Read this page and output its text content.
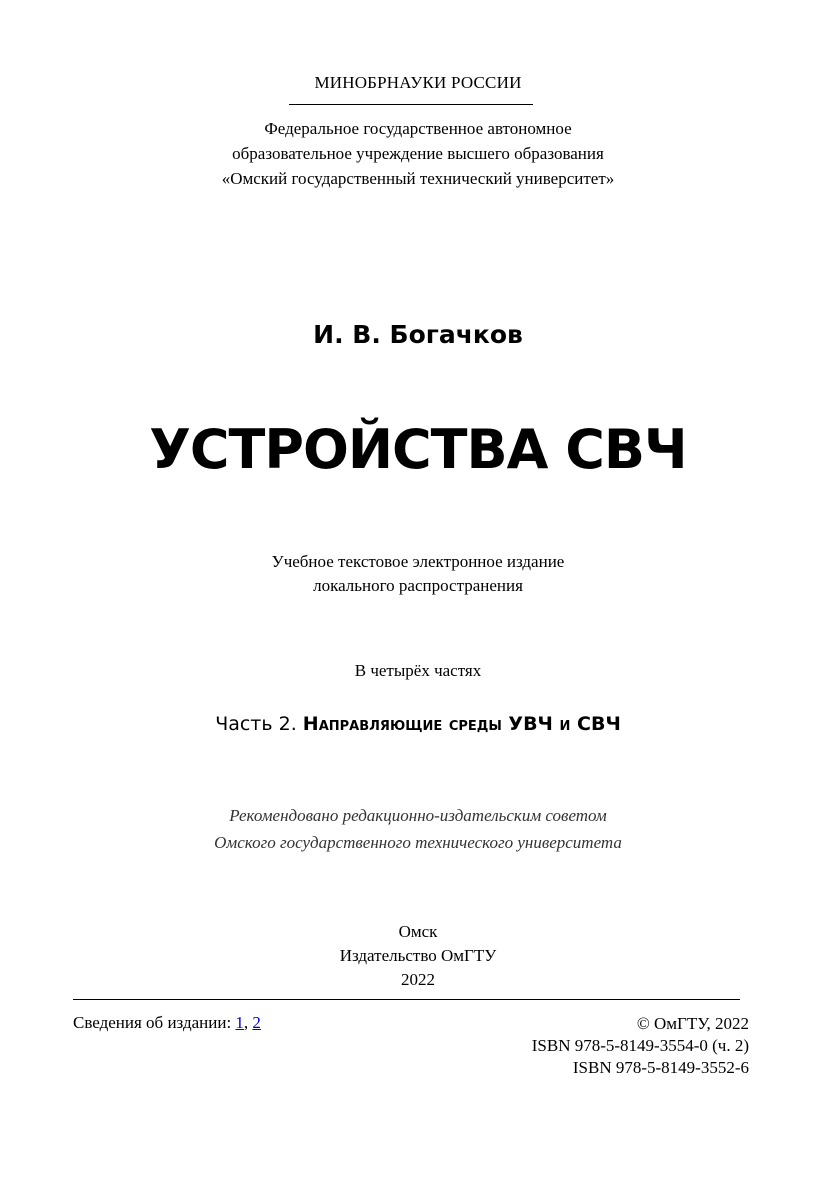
МИНОБРНАУКИ РОССИИ
Федеральное государственное автономное
образовательное учреждение высшего образования
«Омский государственный технический университет»
И. В. Богачков
УСТРОЙСТВА СВЧ
Учебное текстовое электронное издание
локального распространения
В четырёх частях
Часть 2. Направляющие среды УВЧ и СВЧ
Рекомендовано редакционно-издательским советом
Омского государственного технического университета
Омск
Издательство ОмГТУ
2022
Сведения об издании: 1, 2	© ОмГТУ, 2022
ISBN 978-5-8149-3554-0 (ч. 2)
ISBN 978-5-8149-3552-6
